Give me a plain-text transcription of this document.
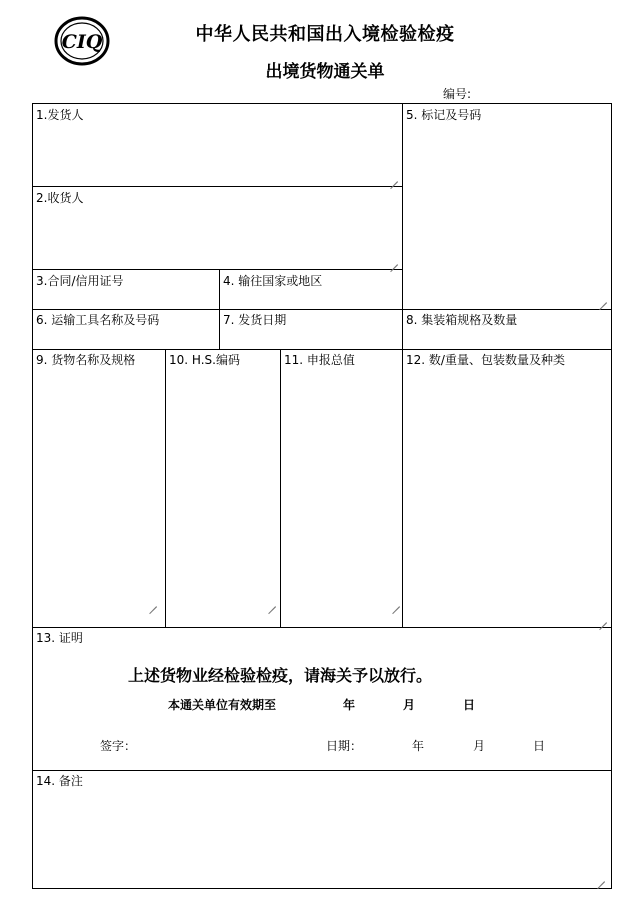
CIQ	中华人民共和国出入境检验检疫
出境货物通关单
编号:
1.发货人
2.收货人
3.合同/信用证号	4. 输往国家或地区
5. 标记及号码
6. 运输工具名称及号码	7. 发货日期	8. 集装箱规格及数量
9. 货物名称及规格	10. H.S.编码	11. 申报总值	12. 数/重量、包装数量及种类
13. 证明
上述货物业经检验检疫，请海关予以放行。
本通关单位有效期至	年	月	日
签字：	日期：	年	月	日
14. 备注
